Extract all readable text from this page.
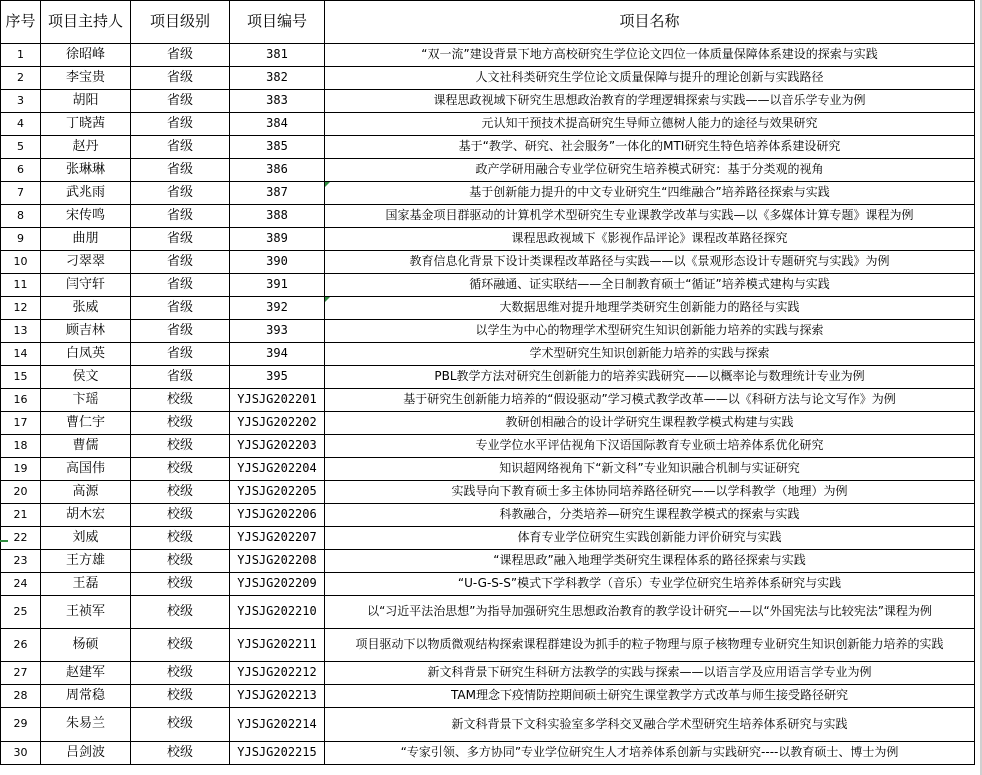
序号	项目主持人	项目级别	项目编号	项目名称
1	徐昭峰	省级	381	“双一流”建设背景下地方高校研究生学位论文四位一体质量保障体系建设的探索与实践
2	李宝贵	省级	382	人文社科类研究生学位论文质量保障与提升的理论创新与实践路径
3	胡阳	省级	383	课程思政视域下研究生思想政治教育的学理逻辑探索与实践——以音乐学专业为例
4	丁晓茜	省级	384	元认知干预技术提高研究生导师立德树人能力的途径与效果研究
5	赵丹	省级	385	基于“教学、研究、社会服务”一体化的MTI研究生特色培养体系建设研究
6	张琳琳	省级	386	政产学研用融合专业学位研究生培养模式研究：基于分类观的视角
7	武兆雨	省级	387	基于创新能力提升的中文专业研究生“四维融合”培养路径探索与实践
8	宋传鸣	省级	388	国家基金项目群驱动的计算机学术型研究生专业课教学改革与实践—以《多媒体计算专题》课程为例
9	曲朋	省级	389	课程思政视域下《影视作品评论》课程改革路径探究
10	刁翠翠	省级	390	教育信息化背景下设计类课程改革路径与实践——以《景观形态设计专题研究与实践》为例
11	闫守轩	省级	391	循环融通、证实联结——全日制教育硕士“循证”培养模式建构与实践
12	张威	省级	392	大数据思维对提升地理学类研究生创新能力的路径与实践
13	顾吉林	省级	393	以学生为中心的物理学术型研究生知识创新能力培养的实践与探索
14	白凤英	省级	394	学术型研究生知识创新能力培养的实践与探索
15	侯文	省级	395	PBL教学方法对研究生创新能力的培养实践研究——以概率论与数理统计专业为例
16	卞瑶	校级	YJSJG202201	基于研究生创新能力培养的“假设驱动”学习模式教学改革——以《科研方法与论文写作》为例
17	曹仁宇	校级	YJSJG202202	教研创相融合的设计学研究生课程教学模式构建与实践
18	曹儒	校级	YJSJG202203	专业学位水平评估视角下汉语国际教育专业硕士培养体系优化研究
19	高国伟	校级	YJSJG202204	知识超网络视角下“新文科”专业知识融合机制与实证研究
20	高源	校级	YJSJG202205	实践导向下教育硕士多主体协同培养路径研究——以学科教学（地理）为例
21	胡木宏	校级	YJSJG202206	科教融合，分类培养—研究生课程教学模式的探索与实践
22	刘威	校级	YJSJG202207	体育专业学位研究生实践创新能力评价研究与实践
23	王方雄	校级	YJSJG202208	“课程思政”融入地理学类研究生课程体系的路径探索与实践
24	王磊	校级	YJSJG202209	“U-G-S-S”模式下学科教学（音乐）专业学位研究生培养体系研究与实践
25	王祯军	校级	YJSJG202210	以“习近平法治思想”为指导加强研究生思想政治教育的教学设计研究——以“外国宪法与比较宪法”课程为例
26	杨硕	校级	YJSJG202211	项目驱动下以物质微观结构探索课程群建设为抓手的粒子物理与原子核物理专业研究生知识创新能力培养的实践
27	赵建军	校级	YJSJG202212	新文科背景下研究生科研方法教学的实践与探索——以语言学及应用语言学专业为例
28	周常稳	校级	YJSJG202213	TAM理念下疫情防控期间硕士研究生课堂教学方式改革与师生接受路径研究
29	朱易兰	校级	YJSJG202214	新文科背景下文科实验室多学科交叉融合学术型研究生培养体系研究与实践
30	吕剑波	校级	YJSJG202215	“专家引领、多方协同”专业学位研究生人才培养体系创新与实践研究----以教育硕士、博士为例
